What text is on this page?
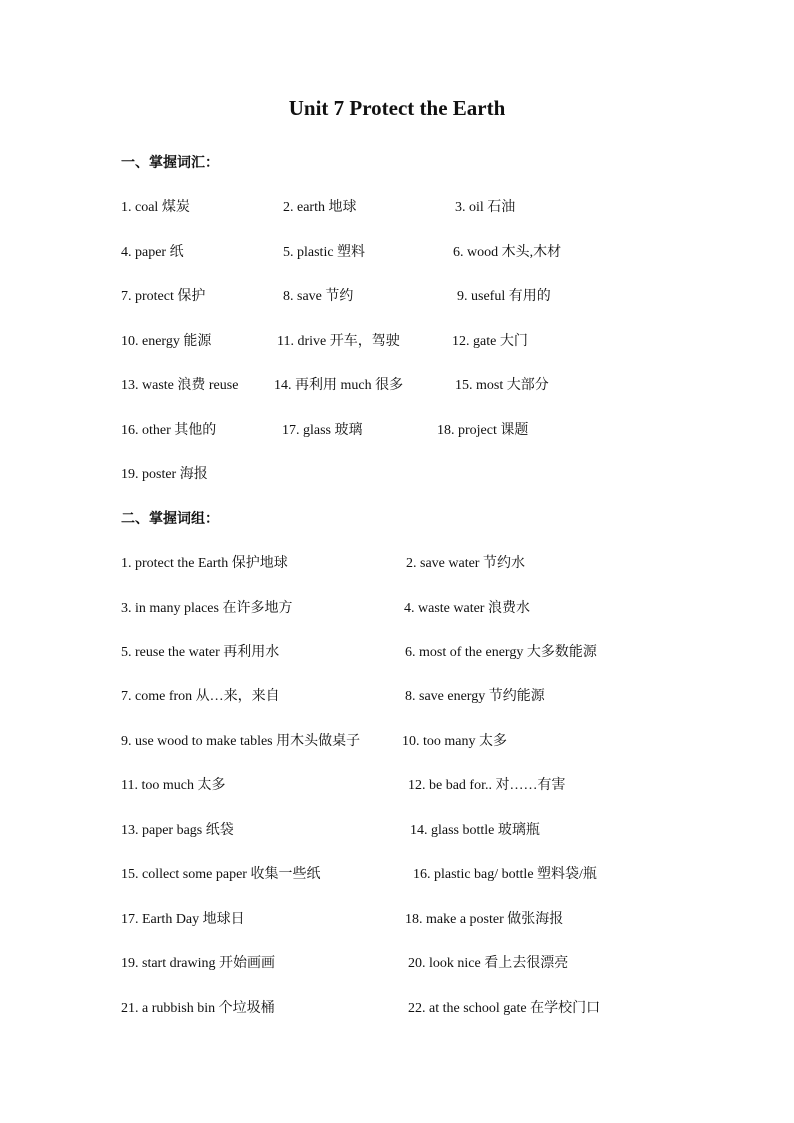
Unit 7 Protect the Earth
一、掌握词汇：
1. coal 煤炭	2. earth 地球	3. oil 石油
4. paper 纸	5. plastic 塑料	6. wood 木头,木材
7. protect 保护	8. save 节约	9. useful 有用的
10. energy 能源	11. drive 开车，驾驶	12. gate 大门
13. waste 浪费 reuse	14. 再利用 much 很多	15. most 大部分
16. other 其他的	17. glass 玻璃	18. project 课题
19. poster 海报
二、掌握词组：
1. protect the Earth 保护地球	2. save water 节约水
3. in many places 在许多地方	4. waste water 浪费水
5. reuse the water 再利用水	6. most of the energy 大多数能源
7. come fron 从…来，来自	8. save energy 节约能源
9. use wood to make tables 用木头做桌子	10. too many 太多
11. too much 太多	12. be bad for.. 对……有害
13. paper bags 纸袋	14. glass bottle 玻璃瓶
15. collect some paper 收集一些纸	16. plastic bag/ bottle 塑料袋/瓶
17. Earth Day 地球日	18. make a poster 做张海报
19. start drawing 开始画画	20. look nice 看上去很漂亮
21. a rubbish bin 个垃圾桶	22. at the school gate 在学校门口
